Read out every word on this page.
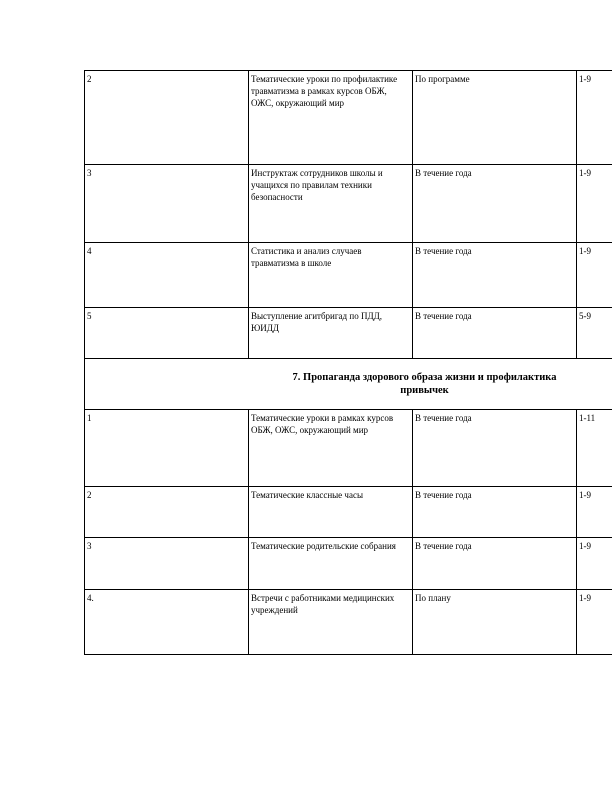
2	Тематические уроки по профилактике травматизма в рамках курсов ОБЖ, ОЖС, окружающий мир	По программе	1-9
3	Инструктаж сотрудников школы и учащихся по правилам техники безопасности	В течение года	1-9
4	Статистика и анализ случаев травматизма в школе	В течение года	1-9
5	Выступление агитбригад по ПДД, ЮИДД	В течение года	5-9

7. Пропаганда здорового образа жизни и профилактика
привычек			

1	Тематические уроки в рамках курсов ОБЖ, ОЖС, окружающий мир	В течение года	1-11
2	Тематические классные часы	В течение года	1-9
3	Тематические родительские собрания	В течение года	1-9
4.	Встречи с работниками медицинских учреждений	По плану	1-9
